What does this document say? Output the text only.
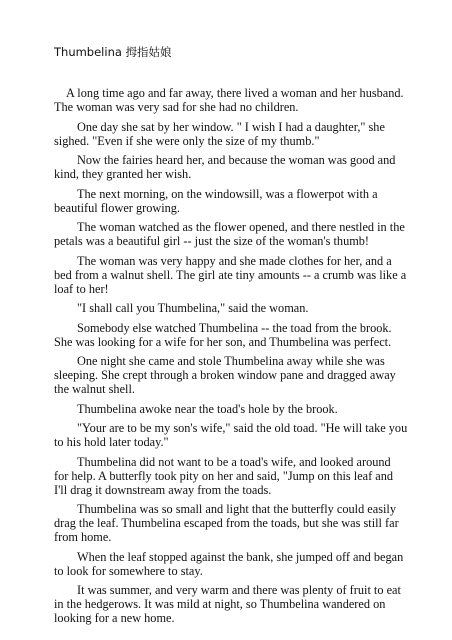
Thumbelina 拇指姑娘

A long time ago and far away, there lived a woman and her husband. The woman was very sad for she had no children.

One day she sat by her window. " I wish I had a daughter," she sighed. "Even if she were only the size of my thumb."

Now the fairies heard her, and because the woman was good and kind, they granted her wish.

The next morning, on the windowsill, was a flowerpot with a beautiful flower growing.

The woman watched as the flower opened, and there nestled in the petals was a beautiful girl -- just the size of the woman's thumb!

The woman was very happy and she made clothes for her, and a bed from a walnut shell. The girl ate tiny amounts -- a crumb was like a loaf to her!

"I shall call you Thumbelina," said the woman.

Somebody else watched Thumbelina -- the toad from the brook. She was looking for a wife for her son, and Thumbelina was perfect.

One night she came and stole Thumbelina away while she was sleeping. She crept through a broken window pane and dragged away the walnut shell.

Thumbelina awoke near the toad's hole by the brook.

"Your are to be my son's wife," said the old toad. "He will take you to his hold later today."

Thumbelina did not want to be a toad's wife, and looked around for help. A butterfly took pity on her and said, "Jump on this leaf and I'll drag it downstream away from the toads.

Thumbelina was so small and light that the butterfly could easily drag the leaf. Thumbelina escaped from the toads, but she was still far from home.

When the leaf stopped against the bank, she jumped off and began to look for somewhere to stay.

It was summer, and very warm and there was plenty of fruit to eat in the hedgerows. It was mild at night, so Thumbelina wandered on looking for a new home.
